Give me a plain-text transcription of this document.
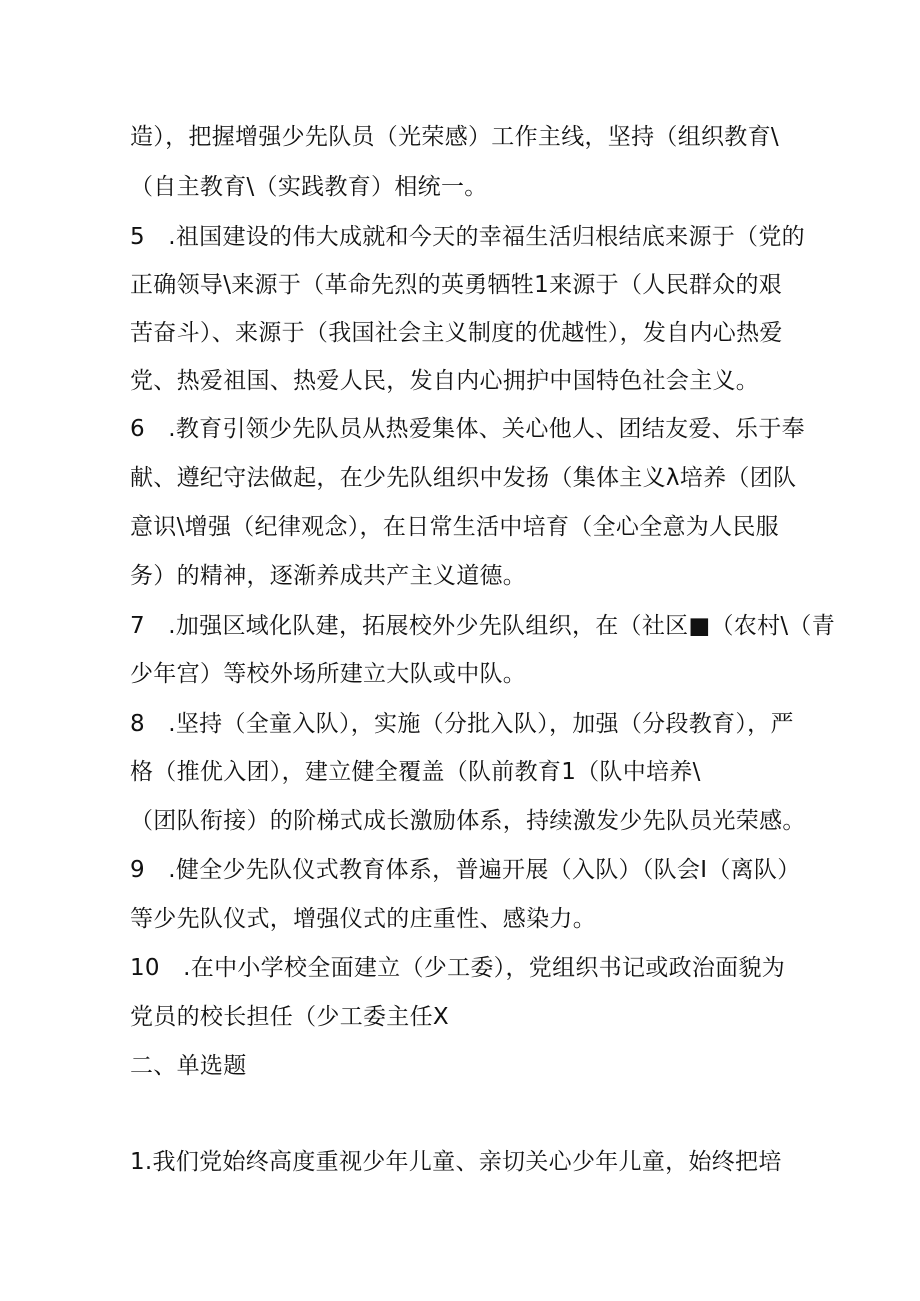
造），把握增强少先队员（光荣感）工作主线，坚持（组织教育\
（自主教育\（实践教育）相统一。
5　.祖国建设的伟大成就和今天的幸福生活归根结底来源于（党的
正确领导\来源于（革命先烈的英勇牺牲1来源于（人民群众的艰
苦奋斗）、来源于（我国社会主义制度的优越性），发自内心热爱
党、热爱祖国、热爱人民，发自内心拥护中国特色社会主义。
6　.教育引领少先队员从热爱集体、关心他人、团结友爱、乐于奉
献、遵纪守法做起，在少先队组织中发扬（集体主义λ培养（团队
意识\增强（纪律观念），在日常生活中培育（全心全意为人民服
务）的精神，逐渐养成共产主义道德。
7　.加强区域化队建，拓展校外少先队组织，在（社区■（农村\（青
少年宫）等校外场所建立大队或中队。
8　.坚持（全童入队），实施（分批入队），加强（分段教育），严
格（推优入团），建立健全覆盖（队前教育1（队中培养\
（团队衔接）的阶梯式成长激励体系，持续激发少先队员光荣感。
9　.健全少先队仪式教育体系，普遍开展（入队）（队会I（离队）
等少先队仪式，增强仪式的庄重性、感染力。
10　.在中小学校全面建立（少工委），党组织书记或政治面貌为
党员的校长担任（少工委主任X
二、单选题
1.我们党始终高度重视少年儿童、亲切关心少年儿童，始终把培
